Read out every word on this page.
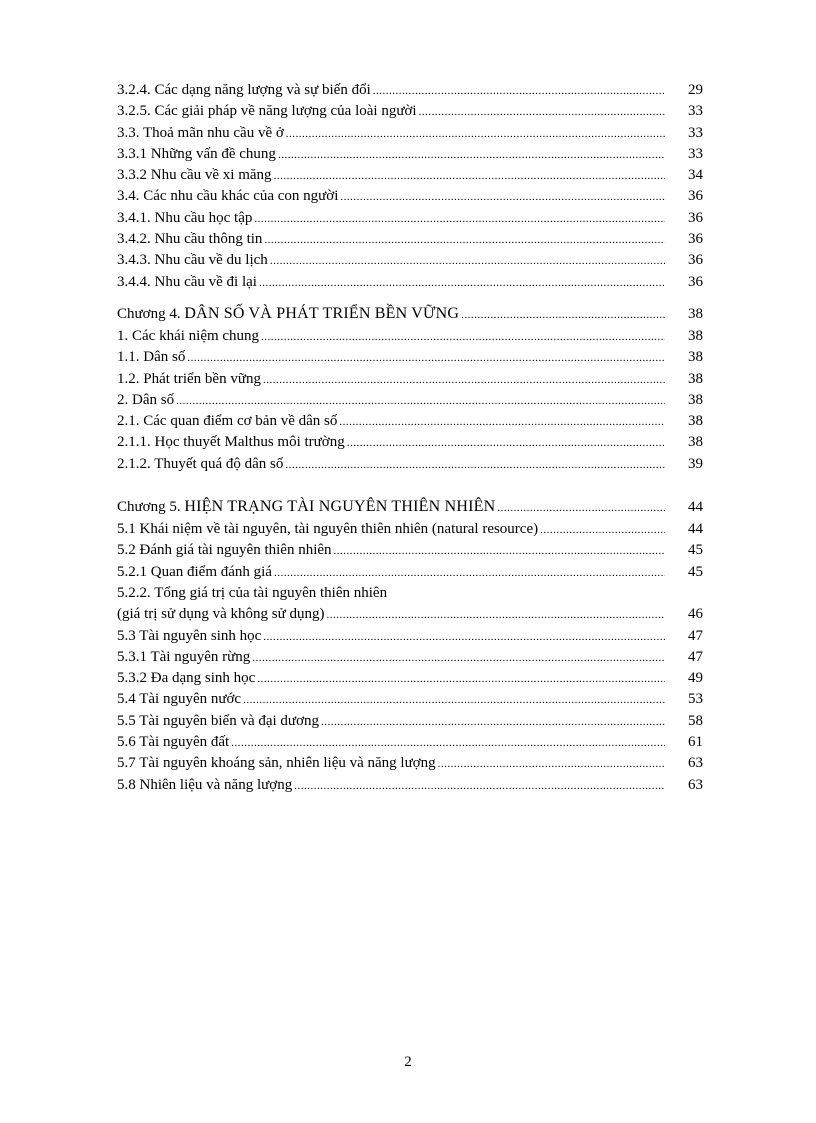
3.2.4. Các dạng năng lượng và sự biến đổi .....	29
3.2.5. Các giải pháp về năng lượng của loài người .....	33
3.3. Thoả mãn nhu cầu về ở .....	33
3.3.1 Những vấn đề chung .....	33
3.3.2 Nhu cầu về xi măng .....	34
3.4. Các nhu cầu khác của con người .....	36
3.4.1. Nhu cầu học tập .....	36
3.4.2. Nhu cầu thông tin .....	36
3.4.3. Nhu cầu về du lịch .....	36
3.4.4. Nhu cầu về đi lại .....	36
Chương 4. DÂN SỐ VÀ PHÁT TRIỂN BỀN VỮNG .....	38
1. Các khái niệm chung .....	38
1.1. Dân số .....	38
1.2. Phát triển bền vững .....	38
2. Dân số .....	38
2.1. Các quan điểm cơ bản về dân số .....	38
2.1.1. Học thuyết Malthus môi trường .....	38
2.1.2. Thuyết quá độ dân số .....	39
Chương 5. HIỆN TRẠNG TÀI NGUYÊN THIÊN NHIÊN .....	44
5.1 Khái niệm về tài nguyên, tài nguyên thiên nhiên (natural resource) .....	44
5.2 Đánh giá tài nguyên thiên nhiên .....	45
5.2.1 Quan điểm đánh giá .....	45
5.2.2. Tổng giá trị của tài nguyên thiên nhiên
(giá trị sử dụng và không sử dụng) .....	46
5.3 Tài nguyên sinh học .....	47
5.3.1 Tài nguyên rừng .....	47
5.3.2 Đa dạng sinh học .....	49
5.4 Tài nguyên nước .....	53
5.5 Tài nguyên biển và đại dương .....	58
5.6 Tài nguyên đất .....	61
5.7 Tài nguyên khoáng sản, nhiên liệu và năng lượng .....	63
5.8 Nhiên liệu và năng lượng .....	63
2
